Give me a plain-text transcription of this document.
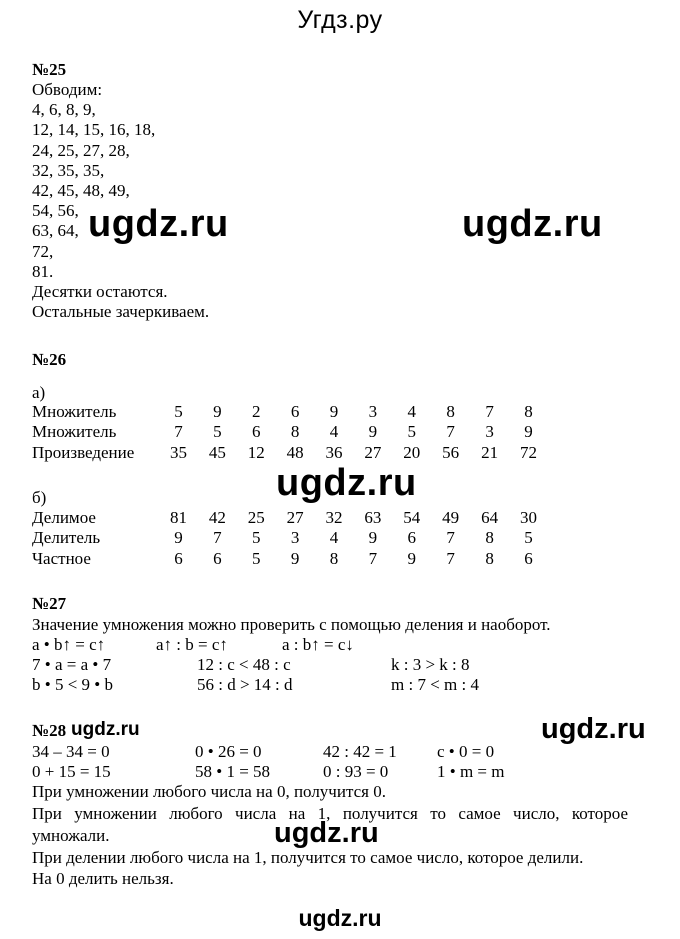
Угдз.ру
ugdz.ru
№25
Обводим:
4, 6, 8, 9,
12, 14, 15, 16, 18,
24, 25, 27, 28,
32, 35, 35,
42, 45, 48, 49,
54, 56,
63, 64,
72,
81.
Десятки остаются.
Остальные зачеркиваем.
ugdz.ru	ugdz.ru
ugdz.ru
ugdz.ru
ugdz.ru
ugdz.ru
№26
а)
Множитель	5	9	2	6	9	3	4	8	7	8
Множитель	7	5	6	8	4	9	5	7	3	9
Произведение	35	45	12	48	36	27	20	56	21	72
б)
Делимое	81	42	25	27	32	63	54	49	64	30
Делитель	9	7	5	3	4	9	6	7	8	5
Частное	6	6	5	9	8	7	9	7	8	6
№27
Значение умножения можно проверить с помощью деления и наоборот.
a • b↑ = c↑	a↑ : b = c↑	a : b↑ = c↓
7 • a = a • 7	12 : c < 48 : c	k : 3 > k : 8
b • 5 < 9 • b	56 : d > 14 : d	m : 7 < m : 4
№28
34 – 34 = 0	0 • 26 = 0	42 : 42 = 1 c • 0 = 0
0 + 15 = 15	58 • 1 = 58	0 : 93 = 0	1 • m = m
При умножении любого числа на 0, получится 0.
При умножении любого числа на 1, получится то самое число, которое умножали.
При делении любого числа на 1, получится то самое число, которое делили.
На 0 делить нельзя.
